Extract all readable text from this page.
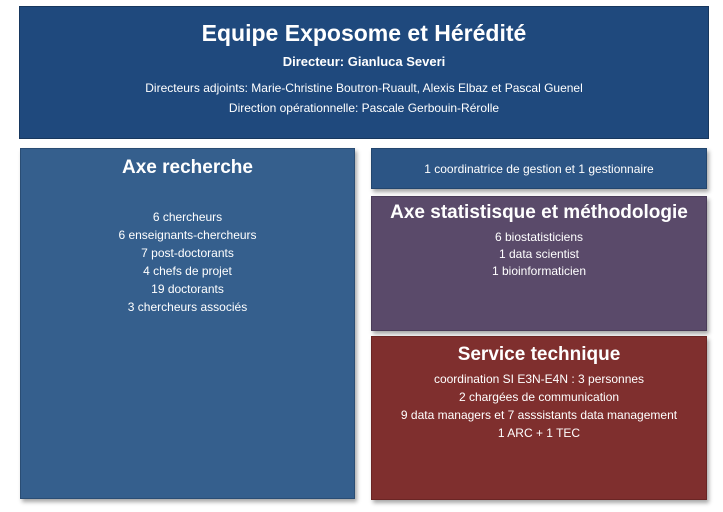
Equipe Exposome et Hérédité
Directeur: Gianluca Severi
Directeurs adjoints: Marie-Christine Boutron-Ruault, Alexis Elbaz et Pascal Guenel
Direction opérationnelle: Pascale Gerbouin-Rérolle
Axe recherche
6 chercheurs
6 enseignants-chercheurs
7 post-doctorants
4 chefs de projet
19 doctorants
3 chercheurs associés
1 coordinatrice de gestion et 1 gestionnaire
Axe statistisque et méthodologie
6 biostatisticiens
1 data scientist
1 bioinformaticien
Service technique
coordination SI E3N-E4N : 3 personnes
2 chargées de communication
9 data managers et 7 asssistants data management
1 ARC + 1 TEC
